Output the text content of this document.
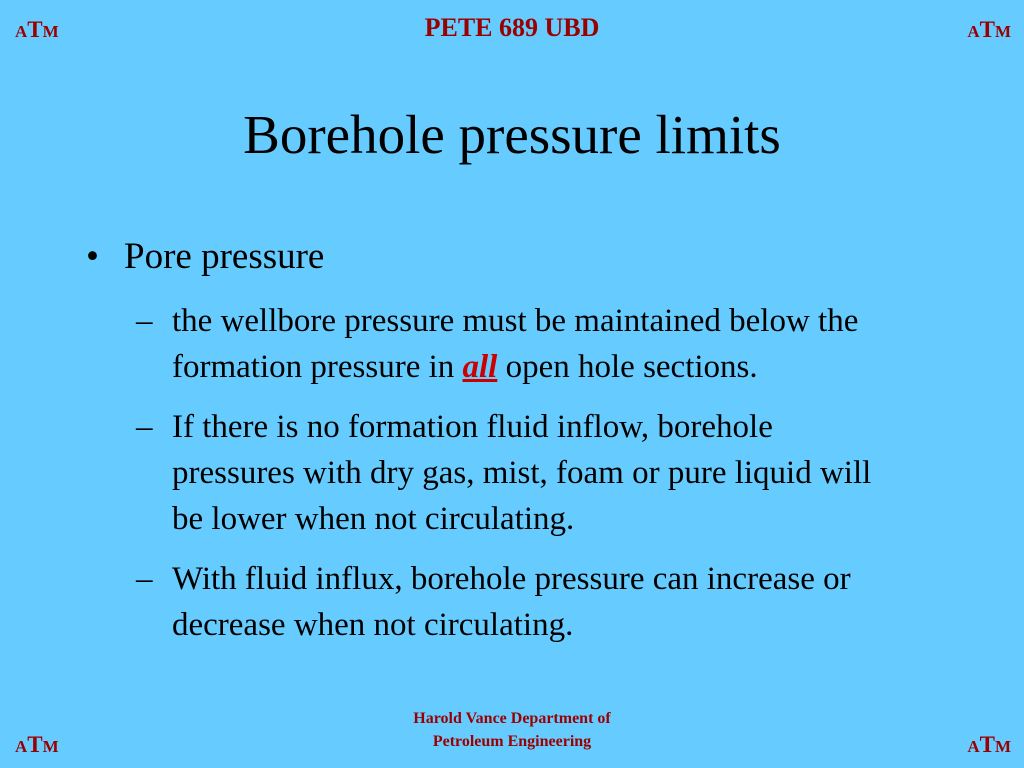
ATM	PETE 689 UBD	ATM
Borehole pressure limits
• Pore pressure
– the wellbore pressure must be maintained below the formation pressure in all open hole sections.
– If there is no formation fluid inflow, borehole pressures with dry gas, mist, foam or pure liquid will be lower when not circulating.
– With fluid influx, borehole pressure can increase or decrease when not circulating.
ATM
Harold Vance Department of
Petroleum Engineering	ATM
